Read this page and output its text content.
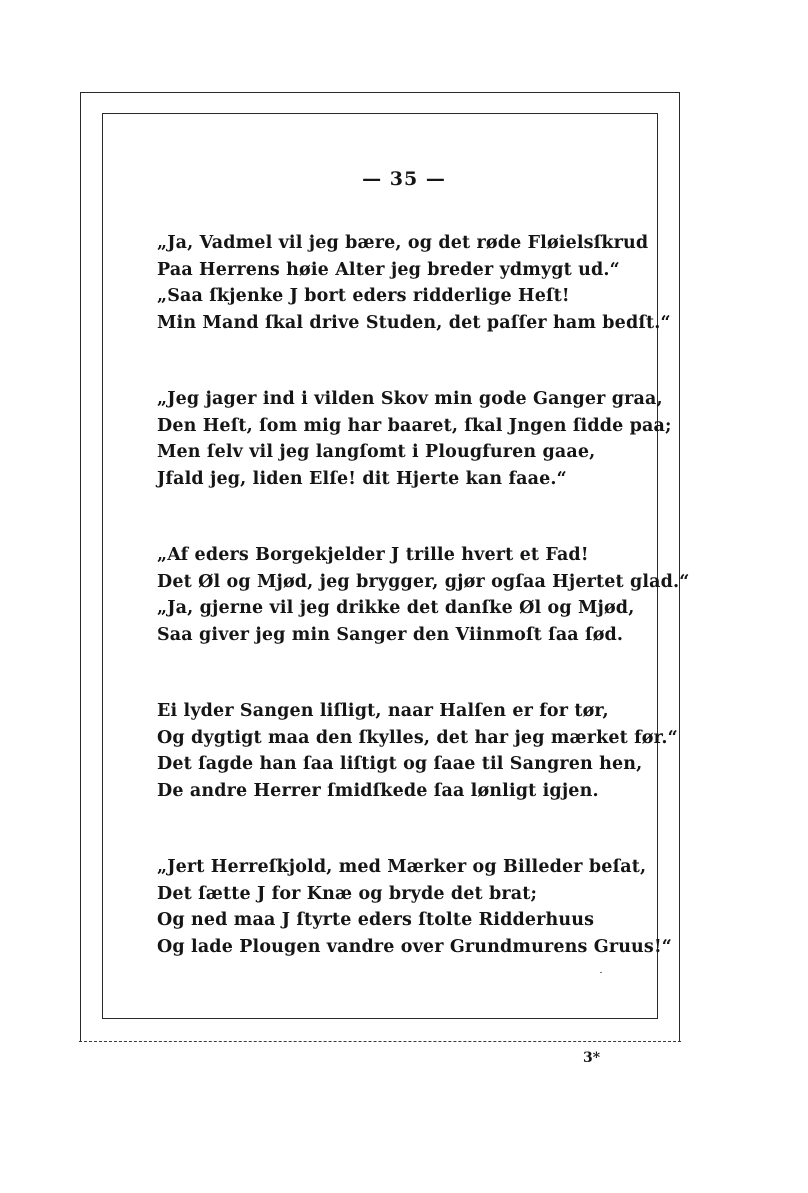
— 35 —
„Ja, Vadmel vil jeg bære, og det røde Fløielsſkrud
Paa Herrens høie Alter jeg breder ydmygt ud.“
„Saa ſkjenke J bort eders ridderlige Heſt!
Min Mand ſkal drive Studen, det paſſer ham bedſt.“
„Jeg jager ind i vilden Skov min gode Ganger graa,
Den Heſt, ſom mig har baaret, ſkal Jngen ſidde paa;
Men ſelv vil jeg langſomt i Plougfuren gaae,
Jfald jeg, liden Elſe! dit Hjerte kan faae.“
„Af eders Borgekjelder J trille hvert et Fad!
Det Øl og Mjød, jeg brygger, gjør ogſaa Hjertet glad.“
„Ja, gjerne vil jeg drikke det danſke Øl og Mjød,
Saa giver jeg min Sanger den Viinmoſt ſaa ſød.
Ei lyder Sangen liſligt, naar Halſen er for tør,
Og dygtigt maa den ſkylles, det har jeg mærket før.“
Det ſagde han ſaa liſtigt og ſaae til Sangren hen,
De andre Herrer ſmidſkede ſaa lønligt igjen.
„Jert Herreſkjold, med Mærker og Billeder beſat,
Det ſætte J for Knæ og bryde det brat;
Og ned maa J ſtyrte eders ſtolte Ridderhuus
Og lade Plougen vandre over Grundmurens Gruus!“
3*
